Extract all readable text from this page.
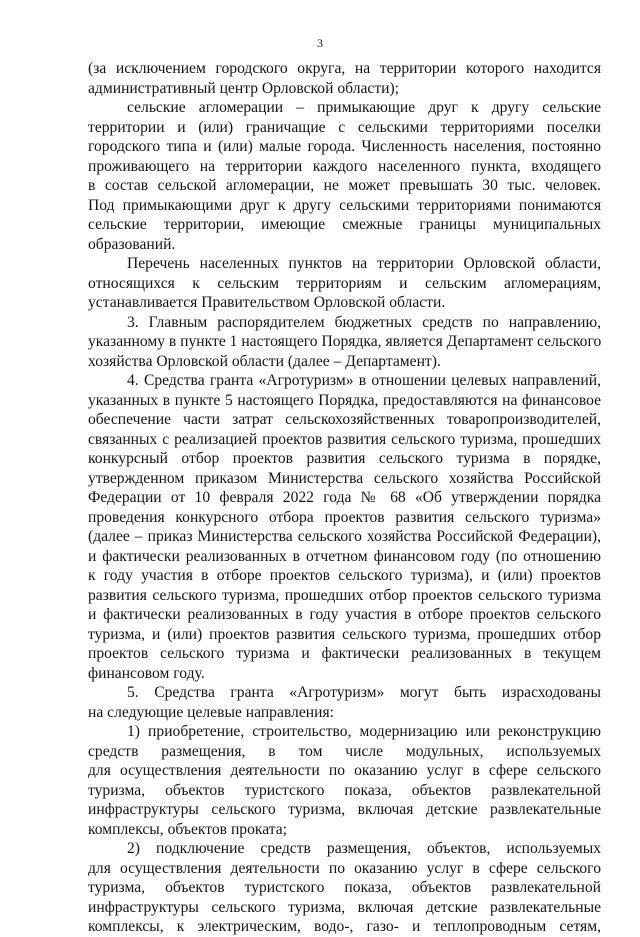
3
(за исключением городского округа, на территории которого находится
административный центр Орловской области);
сельские агломерации – примыкающие друг к другу сельские
территории и (или) граничащие с сельскими территориями поселки
городского типа и (или) малые города. Численность населения, постоянно
проживающего на территории каждого населенного пункта, входящего
в состав сельской агломерации, не может превышать 30 тыс. человек.
Под примыкающими друг к другу сельскими территориями понимаются
сельские территории, имеющие смежные границы муниципальных
образований.
Перечень населенных пунктов на территории Орловской области,
относящихся к сельским территориям и сельским агломерациям,
устанавливается Правительством Орловской области.
3. Главным распорядителем бюджетных средств по направлению,
указанному в пункте 1 настоящего Порядка, является Департамент сельского
хозяйства Орловской области (далее – Департамент).
4. Средства гранта «Агротуризм» в отношении целевых направлений,
указанных в пункте 5 настоящего Порядка, предоставляются на финансовое
обеспечение части затрат сельскохозяйственных товаропроизводителей,
связанных с реализацией проектов развития сельского туризма, прошедших
конкурсный отбор проектов развития сельского туризма в порядке,
утвержденном приказом Министерства сельского хозяйства Российской
Федерации от 10 февраля 2022 года № 68 «Об утверждении порядка
проведения конкурсного отбора проектов развития сельского туризма»
(далее – приказ Министерства сельского хозяйства Российской Федерации),
и фактически реализованных в отчетном финансовом году (по отношению
к году участия в отборе проектов сельского туризма), и (или) проектов
развития сельского туризма, прошедших отбор проектов сельского туризма
и фактически реализованных в году участия в отборе проектов сельского
туризма, и (или) проектов развития сельского туризма, прошедших отбор
проектов сельского туризма и фактически реализованных в текущем
финансовом году.
5. Средства гранта «Агротуризм» могут быть израсходованы
на следующие целевые направления:
1) приобретение, строительство, модернизацию или реконструкцию
средств размещения, в том числе модульных, используемых
для осуществления деятельности по оказанию услуг в сфере сельского
туризма, объектов туристского показа, объектов развлекательной
инфраструктуры сельского туризма, включая детские развлекательные
комплексы, объектов проката;
2) подключение средств размещения, объектов, используемых
для осуществления деятельности по оказанию услуг в сфере сельского
туризма, объектов туристского показа, объектов развлекательной
инфраструктуры сельского туризма, включая детские развлекательные
комплексы, к электрическим, водо-, газо- и теплопроводным сетям,
